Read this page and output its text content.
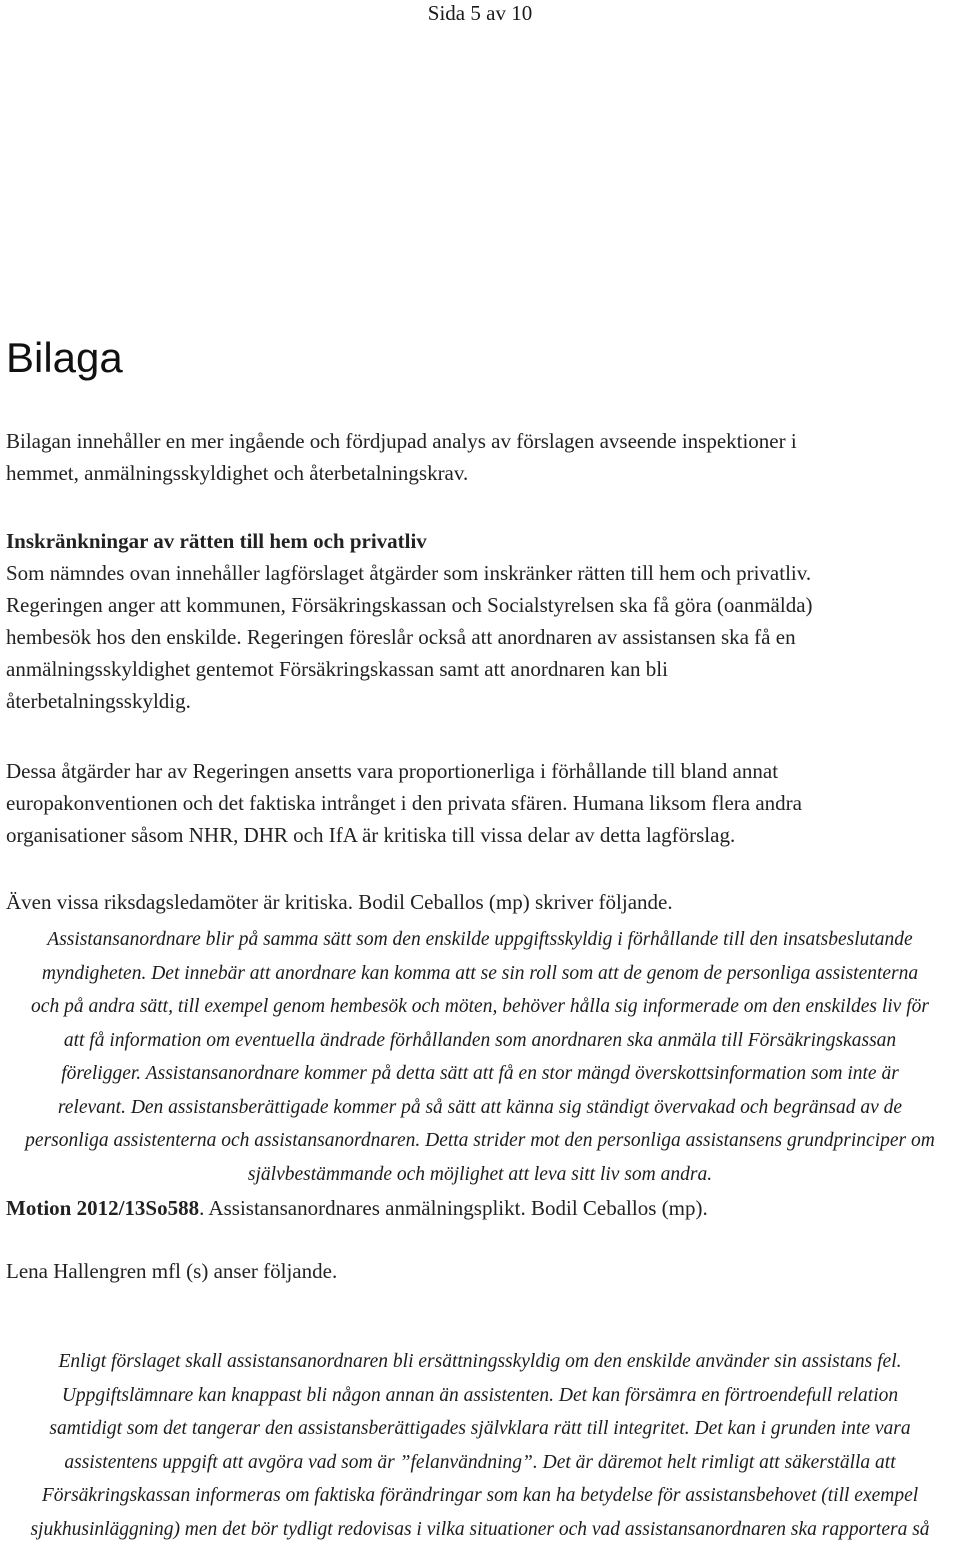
Sida 5 av 10
Bilaga
Bilagan innehåller en mer ingående och fördjupad analys av förslagen avseende inspektioner i
hemmet, anmälningsskyldighet och återbetalningskrav.
Inskränkningar av rätten till hem och privatliv
Som nämndes ovan innehåller lagförslaget åtgärder som inskränker rätten till hem och privatliv.
Regeringen anger att kommunen, Försäkringskassan och Socialstyrelsen ska få göra (oanmälda)
hembesök hos den enskilde. Regeringen föreslår också att anordnaren av assistansen ska få en
anmälningsskyldighet gentemot Försäkringskassan samt att anordnaren kan bli
återbetalningsskyldig.
Dessa åtgärder har av Regeringen ansetts vara proportionerliga i förhållande till bland annat
europakonventionen och det faktiska intrånget i den privata sfären. Humana liksom flera andra
organisationer såsom NHR, DHR och IfA är kritiska till vissa delar av detta lagförslag.
Även vissa riksdagsledamöter är kritiska. Bodil Ceballos (mp) skriver följande.
Assistansanordnare blir på samma sätt som den enskilde uppgiftsskyldig i förhållande till den insatsbeslutande
myndigheten. Det innebär att anordnare kan komma att se sin roll som att de genom de personliga assistenterna
och på andra sätt, till exempel genom hembesök och möten, behöver hålla sig informerade om den enskildes liv för
att få information om eventuella ändrade förhållanden som anordnaren ska anmäla till Försäkringskassan
föreligger. Assistansanordnare kommer på detta sätt att få en stor mängd överskottsinformation som inte är
relevant. Den assistansberättigade kommer på så sätt att känna sig ständigt övervakad och begränsad av de
personliga assistenterna och assistansanordnaren. Detta strider mot den personliga assistansens grundprinciper om
självbestämmande och möjlighet att leva sitt liv som andra.
Motion 2012/13So588. Assistansanordnares anmälningsplikt. Bodil Ceballos (mp).
Lena Hallengren mfl (s) anser följande.
Enligt förslaget skall assistansanordnaren bli ersättningsskyldig om den enskilde använder sin assistans fel.
Uppgiftslämnare kan knappast bli någon annan än assistenten. Det kan försämra en förtroendefull relation
samtidigt som det tangerar den assistansberättigades självklara rätt till integritet. Det kan i grunden inte vara
assistentens uppgift att avgöra vad som är ”felanvändning”. Det är däremot helt rimligt att säkerställa att
Försäkringskassan informeras om faktiska förändringar som kan ha betydelse för assistansbehovet (till exempel
sjukhusinläggning) men det bör tydligt redovisas i vilka situationer och vad assistansanordnaren ska rapportera så
